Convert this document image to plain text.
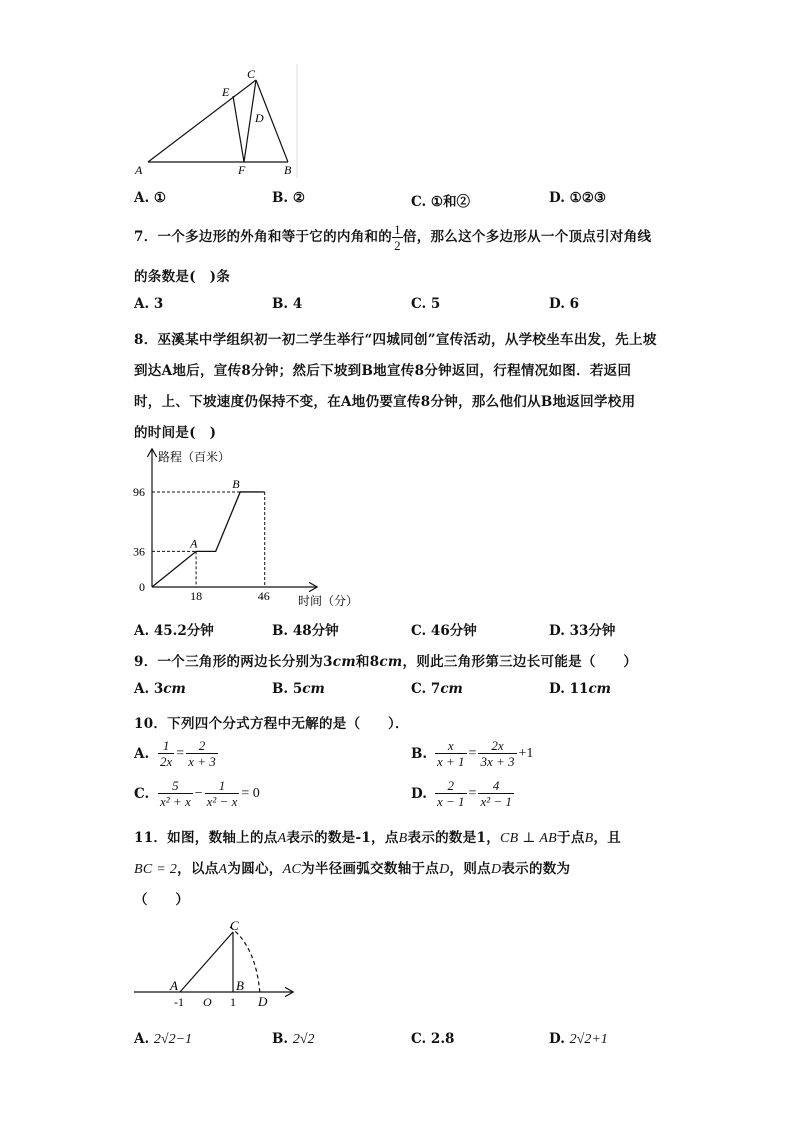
C
E
D
A	F	B
A. ①	B. ②	C. ①和②	D. ①②③
7．一个多边形的外角和等于它的内角和的 $\frac{1}{2}$ 倍，那么这个多边形从一个顶点引对角线
的条数是(　)条
A. 3	B. 4	C. 5	D. 6
8．巫溪某中学组织初一初二学生举行“四城同创”宣传活动，从学校坐车出发，先上坡
到达A地后，宣传8分钟；然后下坡到B地宣传8分钟返回，行程情况如图．若返回
时，上、下坡速度仍保持不变，在A地仍要宣传8分钟，那么他们从B地返回学校用
的时间是(　)
路程（百米）
时间（分）
18	46
0
36
96
A
B
A. 45.2分钟	B. 48分钟	C. 46分钟	D. 33分钟
9．一个三角形的两边长分别为3cm和8cm，则此三角形第三边长可能是（　　）
A. 3cm	B. 5cm	C. 7cm	D. 11cm
10．下列四个分式方程中无解的是（　　）．
A. $\frac{1}{2x} = \frac{2}{x + 3}$	B. $\frac{x}{x + 1} = \frac{2x}{3x + 3} +1$
C. $\frac{5}{\text{x² + x}} - \frac{1}{\text{x² − x}} = 0$	D. $\frac{2}{x - 1} = \frac{4}{\text{x² − 1}}$
11．如图，数轴上的点A表示的数是-1，点B表示的数是1，CB ⊥ AB于点B，且
BC = 2，以点A为圆心，AC为半径画弧交数轴于点D，则点D表示的数为
（　　）
C
A	B
D
-1 O 1
A. 2√2−1	B. 2√2	C. 2.8	D. 2√2+1
